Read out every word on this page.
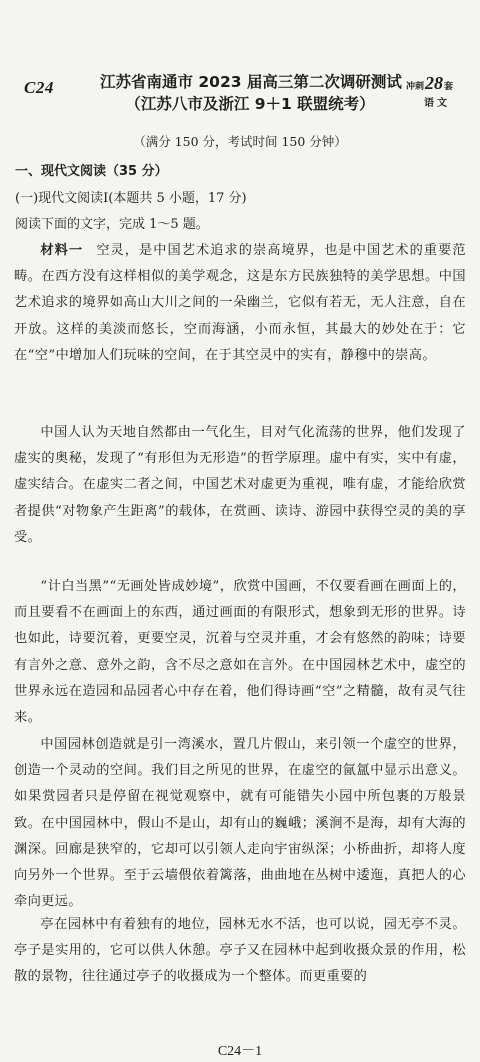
C24	江苏省南通市 2023 届高三第二次调研测试
（江苏八市及浙江 9＋1 联盟统考）
冲刺 28 套
语文
（满分 150 分，考试时间 150 分钟）
一、现代文阅读（35 分）
(一)现代文阅读Ⅰ(本题共 5 小题，17 分)
阅读下面的文字，完成 1～5 题。
材料一 空灵，是中国艺术追求的崇高境界，也是中国艺术的重要范畴。在西方没有这样相似的美学观念，这是东方民族独特的美学思想。中国艺术追求的境界如高山大川之间的一朵幽兰，它似有若无，无人注意，自在开放。这样的美淡而悠长，空而海涵，小而永恒，其最大的妙处在于：它在“空”中增加人们玩味的空间，在于其空灵中的实有，静穆中的崇高。
中国人认为天地自然都由一气化生，目对气化流荡的世界，他们发现了虚实的奥秘，发现了“有形但为无形造”的哲学原理。虚中有实，实中有虚，虚实结合。在虚实二者之间，中国艺术对虚更为重视，唯有虚，才能给欣赏者提供“对物象产生距离”的载体，在赏画、读诗、游园中获得空灵的美的享受。
“计白当黑”“无画处皆成妙境”，欣赏中国画，不仅要看画在画面上的，而且要看不在画面上的东西，通过画面的有限形式，想象到无形的世界。诗也如此，诗要沉着，更要空灵，沉着与空灵并重，才会有悠然的韵味；诗要有言外之意、意外之韵，含不尽之意如在言外。在中国园林艺术中，虚空的世界永远在造园和品园者心中存在着，他们得诗画“空”之精髓，故有灵气往来。
中国园林创造就是引一湾溪水，置几片假山，来引领一个虚空的世界，创造一个灵动的空间。我们目之所见的世界，在虚空的氤氲中显示出意义。如果赏园者只是停留在视觉观察中，就有可能错失小园中所包裹的万般景致。在中国园林中，假山不是山，却有山的巍峨；溪涧不是海，却有大海的渊深。回廊是狭窄的，它却可以引领人走向宇宙纵深；小桥曲折，却将人度向另外一个世界。至于云墙偎依着篱落，曲曲地在丛树中逶迤，真把人的心牵向更远。
亭在园林中有着独有的地位，园林无水不活，也可以说，园无亭不灵。亭子是实用的，它可以供人休憩。亭子又在园林中起到收摄众景的作用，松散的景物，往往通过亭子的收摄成为一个整体。而更重要的
C24－1
